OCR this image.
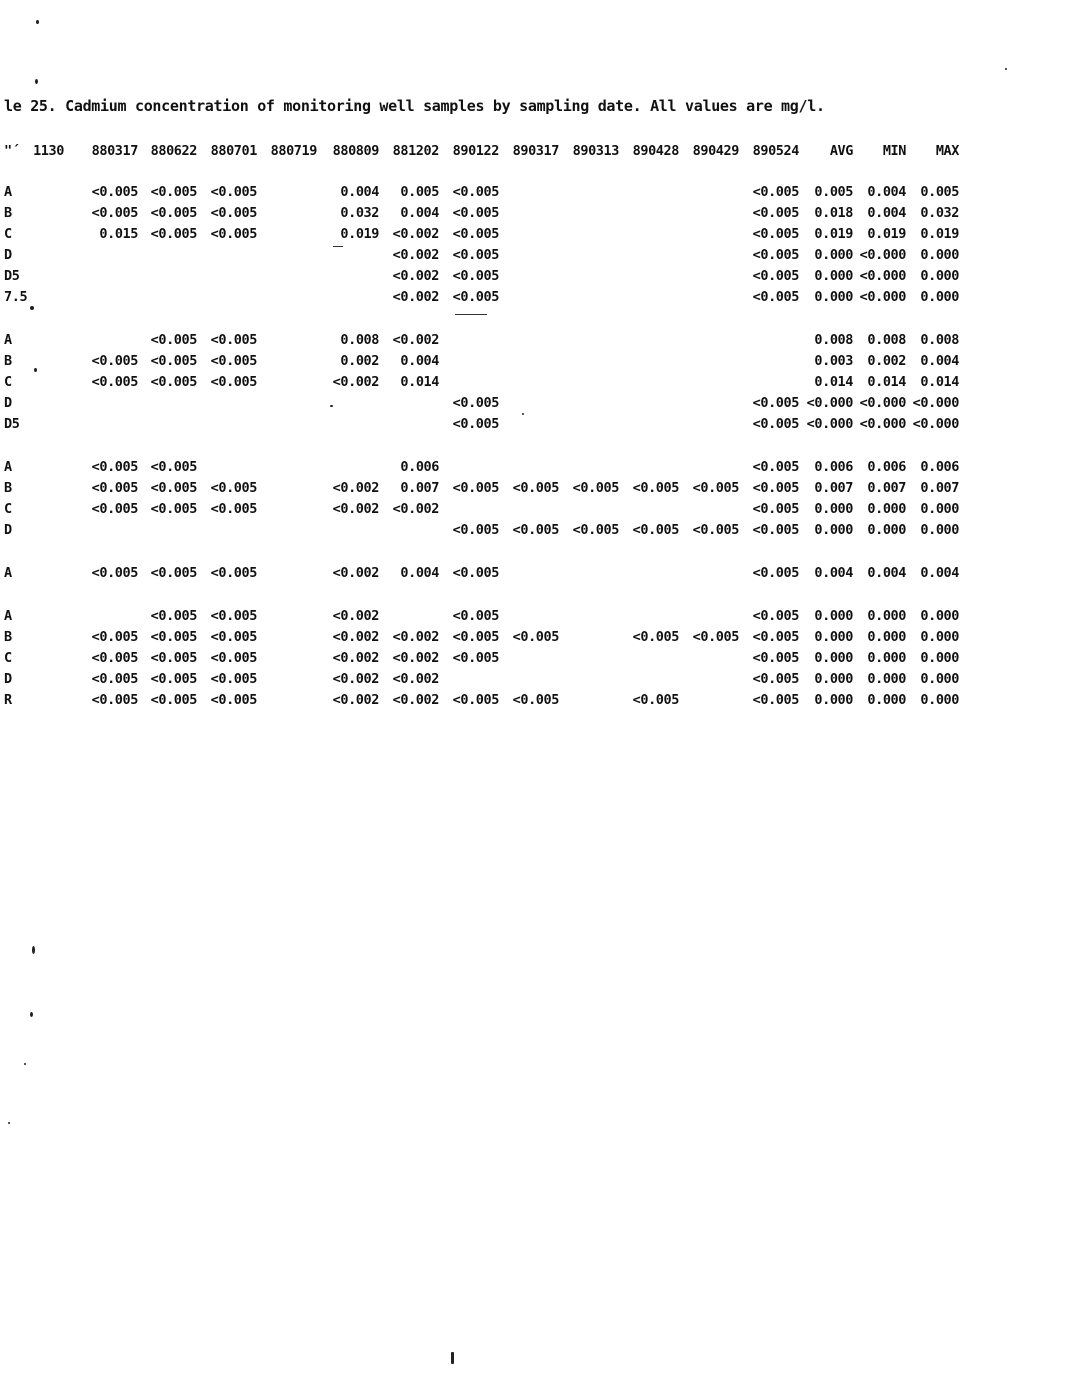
le 25. Cadmium concentration of monitoring well samples by sampling date. All values are mg/l.
"´	1130	880317	880622	880701	880719	880809	881202	890122	890317	890313	890428	890429	890524	AVG	MIN	MAX

A		<0.005	<0.005	<0.005		0.004	0.005	<0.005					<0.005	0.005	0.004	0.005
B		<0.005	<0.005	<0.005		0.032	0.004	<0.005					<0.005	0.018	0.004	0.032
C		0.015	<0.005	<0.005		0.019	<0.002	<0.005					<0.005	0.019	0.019	0.019
D							<0.002	<0.005					<0.005	0.000	<0.000	0.000
D5							<0.002	<0.005					<0.005	0.000	<0.000	0.000
7.5							<0.002	<0.005					<0.005	0.000	<0.000	0.000

A			<0.005	<0.005		0.008	<0.002							0.008	0.008	0.008
B		<0.005	<0.005	<0.005		0.002	0.004							0.003	0.002	0.004
C		<0.005	<0.005	<0.005		<0.002	0.014							0.014	0.014	0.014
D								<0.005					<0.005	<0.000	<0.000	<0.000
D5								<0.005					<0.005	<0.000	<0.000	<0.000

A		<0.005	<0.005				0.006						<0.005	0.006	0.006	0.006
B		<0.005	<0.005	<0.005		<0.002	0.007	<0.005	<0.005	<0.005	<0.005	<0.005	<0.005	0.007	0.007	0.007
C		<0.005	<0.005	<0.005		<0.002	<0.002						<0.005	0.000	0.000	0.000
D								<0.005	<0.005	<0.005	<0.005	<0.005	<0.005	0.000	0.000	0.000

A		<0.005	<0.005	<0.005		<0.002	0.004	<0.005					<0.005	0.004	0.004	0.004

A			<0.005	<0.005		<0.002		<0.005					<0.005	0.000	0.000	0.000
B		<0.005	<0.005	<0.005		<0.002	<0.002	<0.005	<0.005		<0.005	<0.005	<0.005	0.000	0.000	0.000
C		<0.005	<0.005	<0.005		<0.002	<0.002	<0.005					<0.005	0.000	0.000	0.000
D		<0.005	<0.005	<0.005		<0.002	<0.002						<0.005	0.000	0.000	0.000
R		<0.005	<0.005	<0.005		<0.002	<0.002	<0.005	<0.005		<0.005		<0.005	0.000	0.000	0.000
